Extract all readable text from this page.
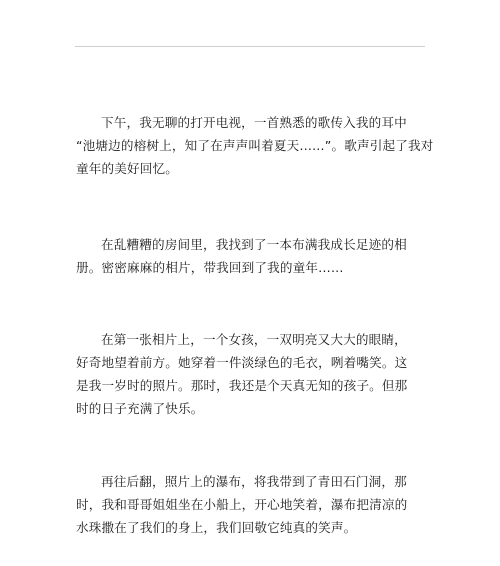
下午，我无聊的打开电视，一首熟悉的歌传入我的耳中
“池塘边的榕树上，知了在声声叫着夏天……”。歌声引起了我对
童年的美好回忆。

在乱糟糟的房间里，我找到了一本布满我成长足迹的相
册。密密麻麻的相片，带我回到了我的童年……

在第一张相片上，一个女孩，一双明亮又大大的眼睛，
好奇地望着前方。她穿着一件淡绿色的毛衣，咧着嘴笑。这
是我一岁时的照片。那时，我还是个天真无知的孩子。但那
时的日子充满了快乐。

再往后翻，照片上的瀑布，将我带到了青田石门洞，那
时，我和哥哥姐姐坐在小船上，开心地笑着，瀑布把清凉的
水珠撒在了我们的身上，我们回敬它纯真的笑声。
